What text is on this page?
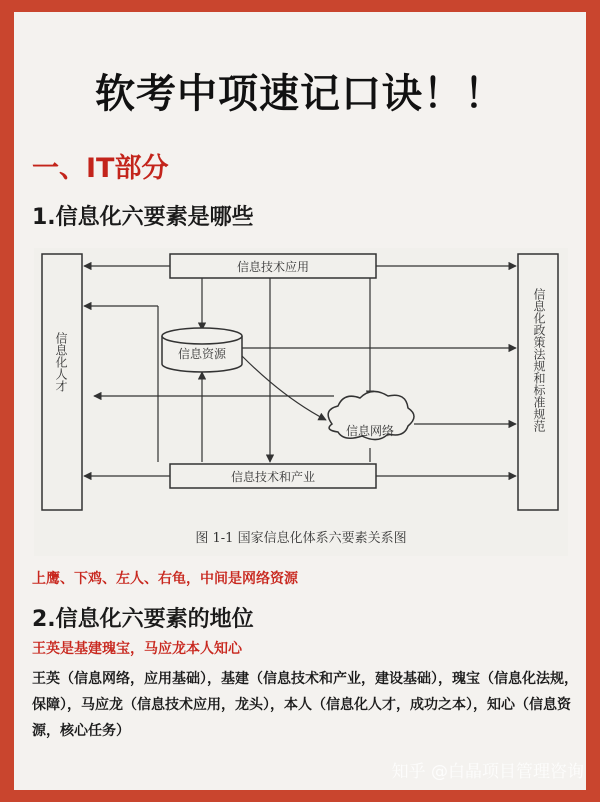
软考中项速记口诀！！
一、IT部分
1.信息化六要素是哪些
信息技术应用
信息技术和产业
信息资源
信息网络
图 1-1 国家信息化体系六要素关系图
信息化人才	信息化政策法规和标准规范
上鹰、下鸡、左人、右龟，中间是网络资源
2.信息化六要素的地位
王英是基建瑰宝，马应龙本人知心
王英（信息网络，应用基础），基建（信息技术和产业，建设基础），瑰宝（信息化法规，保障），马应龙（信息技术应用，龙头），本人（信息化人才，成功之本），知心（信息资源，核心任务）
知乎 @白晶项目管理咨询
